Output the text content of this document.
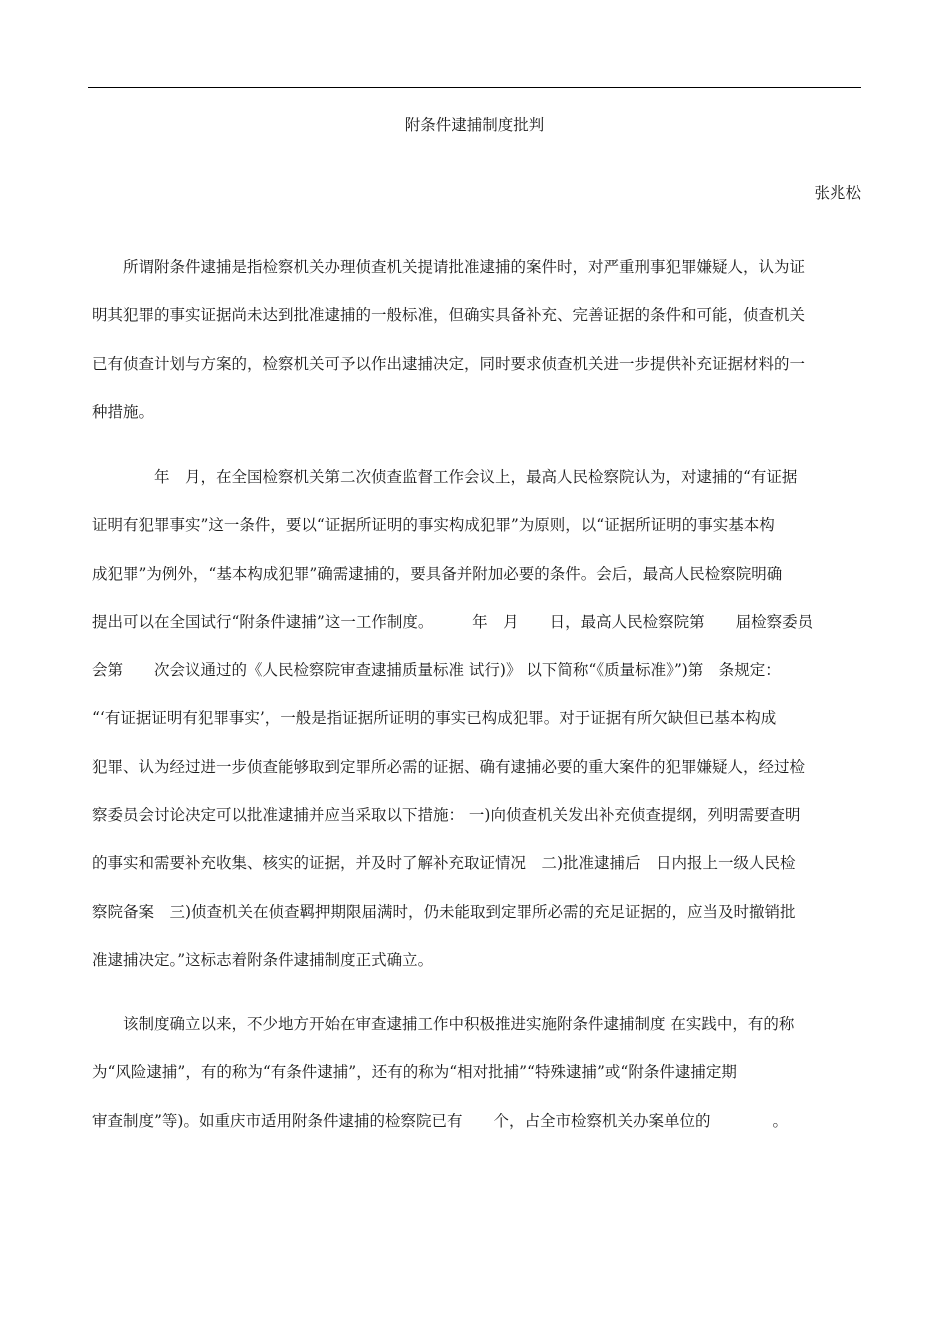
附条件逮捕制度批判
张兆松
　　所谓附条件逮捕是指检察机关办理侦查机关提请批准逮捕的案件时，对严重刑事犯罪嫌疑人，认为证
明其犯罪的事实证据尚未达到批准逮捕的一般标准，但确实具备补充、完善证据的条件和可能，侦查机关
已有侦查计划与方案的，检察机关可予以作出逮捕决定，同时要求侦查机关进一步提供补充证据材料的一
种措施。
　　　　年　月，在全国检察机关第二次侦查监督工作会议上，最高人民检察院认为，对逮捕的“有证据
证明有犯罪事实”这一条件，要以“证据所证明的事实构成犯罪”为原则，以“证据所证明的事实基本构
成犯罪”为例外，“基本构成犯罪”确需逮捕的，要具备并附加必要的条件。会后，最高人民检察院明确
提出可以在全国试行“附条件逮捕”这一工作制度。　　　年　月　　日，最高人民检察院第　　届检察委员
会第　　次会议通过的《人民检察院审查逮捕质量标准 试行)》 以下简称“《质量标准》”)第　条规定：
“‘有证据证明有犯罪事实’，一般是指证据所证明的事实已构成犯罪。对于证据有所欠缺但已基本构成
犯罪、认为经过进一步侦查能够取到定罪所必需的证据、确有逮捕必要的重大案件的犯罪嫌疑人，经过检
察委员会讨论决定可以批准逮捕并应当采取以下措施： 一)向侦查机关发出补充侦查提纲，列明需要查明
的事实和需要补充收集、核实的证据，并及时了解补充取证情况　二)批准逮捕后　日内报上一级人民检
察院备案　三)侦查机关在侦查羁押期限届满时，仍未能取到定罪所必需的充足证据的，应当及时撤销批
准逮捕决定。”这标志着附条件逮捕制度正式确立。
　　该制度确立以来，不少地方开始在审查逮捕工作中积极推进实施附条件逮捕制度 在实践中，有的称
为“风险逮捕”，有的称为“有条件逮捕”，还有的称为“相对批捕”“特殊逮捕”或“附条件逮捕定期
审查制度”等)。如重庆市适用附条件逮捕的检察院已有　　个，占全市检察机关办案单位的　　　　。
